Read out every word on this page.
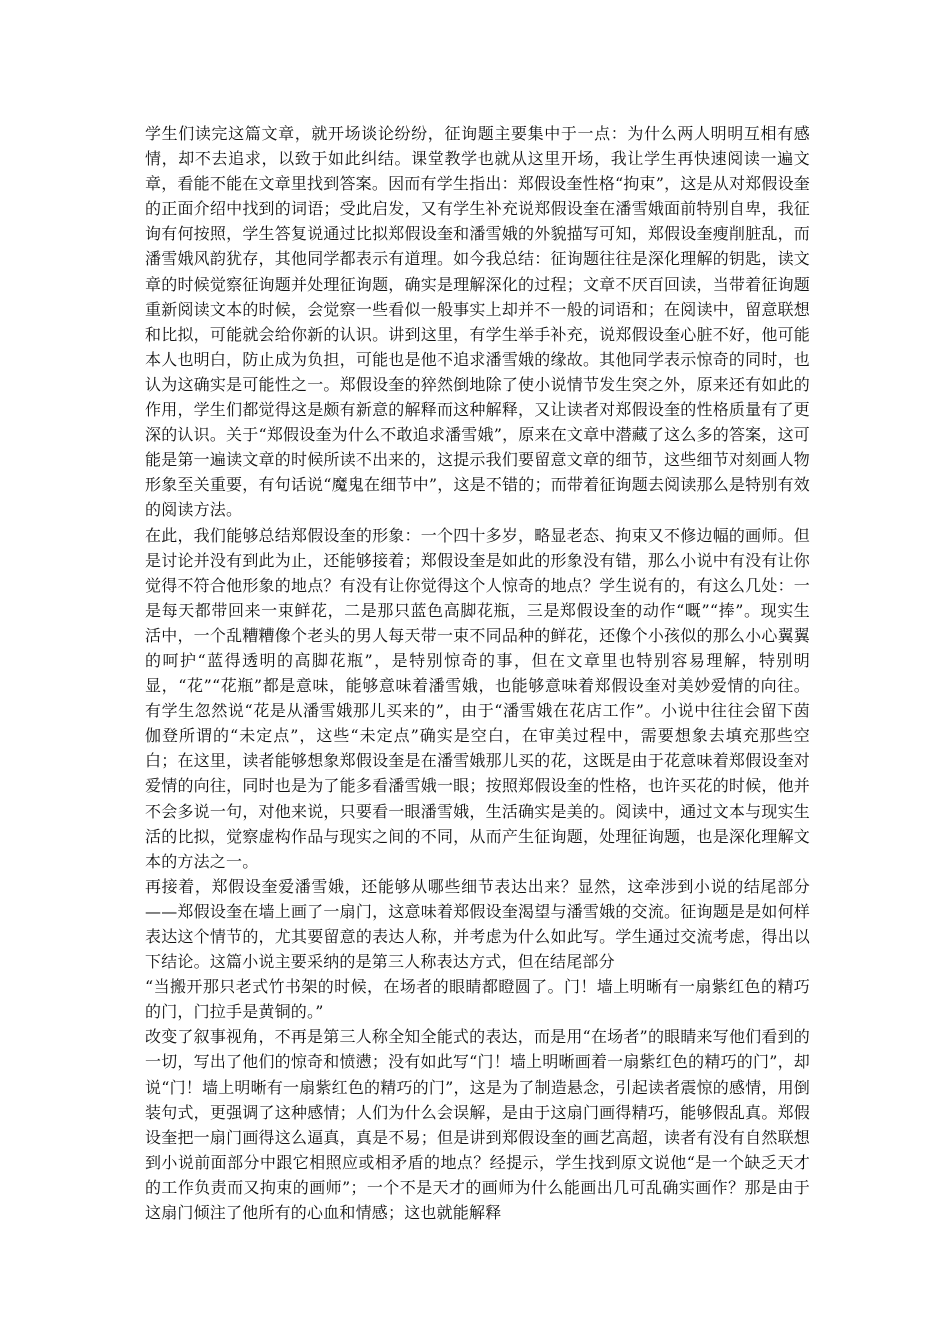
学生们读完这篇文章，就开场谈论纷纷，征询题主要集中于一点：为什么两人明明互相有感情，却不去追求，以致于如此纠结。课堂教学也就从这里开场，我让学生再快速阅读一遍文章，看能不能在文章里找到答案。因而有学生指出：郑假设奎性格“拘束”，这是从对郑假设奎的正面介绍中找到的词语；受此启发，又有学生补充说郑假设奎在潘雪娥面前特别自卑，我征询有何按照，学生答复说通过比拟郑假设奎和潘雪娥的外貌描写可知，郑假设奎瘦削脏乱，而潘雪娥风韵犹存，其他同学都表示有道理。如今我总结：征询题往往是深化理解的钥匙，读文章的时候觉察征询题并处理征询题，确实是理解深化的过程；文章不厌百回读，当带着征询题重新阅读文本的时候，会觉察一些看似一般事实上却并不一般的词语和；在阅读中，留意联想和比拟，可能就会给你新的认识。讲到这里，有学生举手补充，说郑假设奎心脏不好，他可能本人也明白，防止成为负担，可能也是他不追求潘雪娥的缘故。其他同学表示惊奇的同时，也认为这确实是可能性之一。郑假设奎的猝然倒地除了使小说情节发生突之外，原来还有如此的作用，学生们都觉得这是颇有新意的解释而这种解释，又让读者对郑假设奎的性格质量有了更深的认识。关于“郑假设奎为什么不敢追求潘雪娥”，原来在文章中潜藏了这么多的答案，这可能是第一遍读文章的时候所读不出来的，这提示我们要留意文章的细节，这些细节对刻画人物形象至关重要，有句话说“魔鬼在细节中”，这是不错的；而带着征询题去阅读那么是特别有效的阅读方法。

在此，我们能够总结郑假设奎的形象：一个四十多岁，略显老态、拘束又不修边幅的画师。但是讨论并没有到此为止，还能够接着；郑假设奎是如此的形象没有错，那么小说中有没有让你觉得不符合他形象的地点？有没有让你觉得这个人惊奇的地点？学生说有的，有这么几处：一是每天都带回来一束鲜花，二是那只蓝色高脚花瓶，三是郑假设奎的动作“嘅”“捧”。现实生活中，一个乱糟糟像个老头的男人每天带一束不同品种的鲜花，还像个小孩似的那么小心翼翼的呵护“蓝得透明的高脚花瓶”，是特别惊奇的事，但在文章里也特别容易理解，特别明显，“花”“花瓶”都是意味，能够意味着潘雪娥，也能够意味着郑假设奎对美妙爱情的向往。有学生忽然说“花是从潘雪娥那儿买来的”，由于“潘雪娥在花店工作”。小说中往往会留下茵伽登所谓的“未定点”，这些“未定点”确实是空白，在审美过程中，需要想象去填充那些空白；在这里，读者能够想象郑假设奎是在潘雪娥那儿买的花，这既是由于花意味着郑假设奎对爱情的向往，同时也是为了能多看潘雪娥一眼；按照郑假设奎的性格，也许买花的时候，他并不会多说一句，对他来说，只要看一眼潘雪娥，生活确实是美的。阅读中，通过文本与现实生活的比拟，觉察虚构作品与现实之间的不同，从而产生征询题，处理征询题，也是深化理解文本的方法之一。

再接着，郑假设奎爱潘雪娥，还能够从哪些细节表达出来？显然，这牵涉到小说的结尾部分——郑假设奎在墙上画了一扇门，这意味着郑假设奎渴望与潘雪娥的交流。征询题是是如何样表达这个情节的，尤其要留意的表达人称，并考虑为什么如此写。学生通过交流考虑，得出以下结论。这篇小说主要采纳的是第三人称表达方式，但在结尾部分

“当搬开那只老式竹书架的时候，在场者的眼睛都瞪圆了。门！墙上明晰有一扇紫红色的精巧的门，门拉手是黄铜的。”

改变了叙事视角，不再是第三人称全知全能式的表达，而是用“在场者”的眼睛来写他们看到的一切，写出了他们的惊奇和愤懑；没有如此写“门！墙上明晰画着一扇紫红色的精巧的门”，却说“门！墙上明晰有一扇紫红色的精巧的门”，这是为了制造悬念，引起读者震惊的感情，用倒装句式，更强调了这种感情；人们为什么会误解，是由于这扇门画得精巧，能够假乱真。郑假设奎把一扇门画得这么逼真，真是不易；但是讲到郑假设奎的画艺高超，读者有没有自然联想到小说前面部分中跟它相照应或相矛盾的地点？经提示，学生找到原文说他“是一个缺乏天才的工作负责而又拘束的画师”；一个不是天才的画师为什么能画出几可乱确实画作？那是由于这扇门倾注了他所有的心血和情感；这也就能解释
